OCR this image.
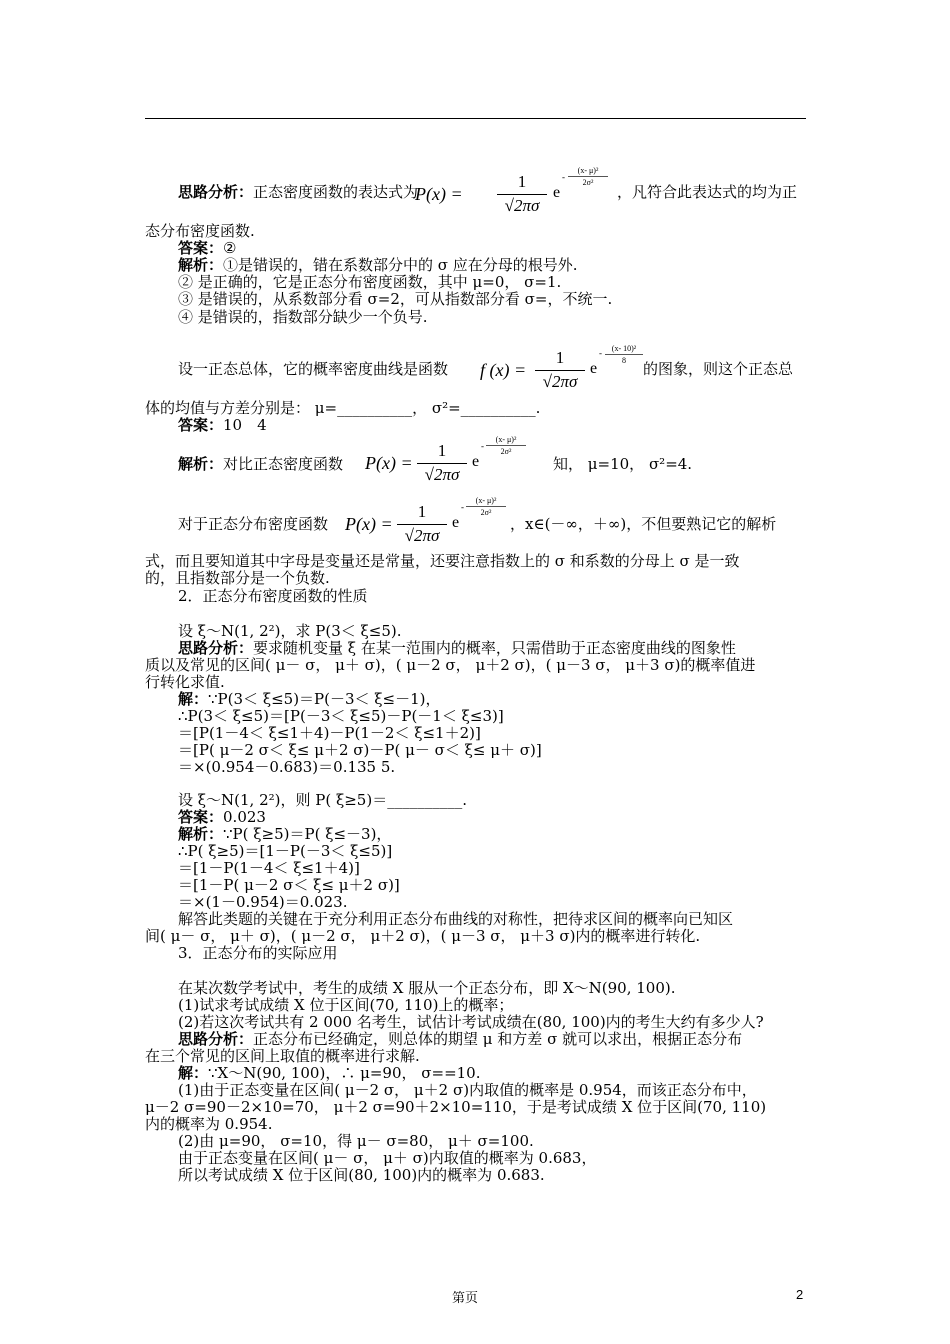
思路分析：正态密度函数的表达式为
P(x) =
1
√2πσ
e
-
(x- μ)²
2σ²
，凡符合此表达式的均为正
态分布密度函数.
答案：②
解析：①是错误的，错在系数部分中的 σ 应在分母的根号外.
② 是正确的，它是正态分布密度函数，其中 μ=0， σ=1.
③ 是错误的，从系数部分看 σ=2，可从指数部分看 σ=，不统一.
④ 是错误的，指数部分缺少一个负号.
设一正态总体，它的概率密度曲线是函数 f (x) =
1
√2πσ
e
-	(x- 10)²
8	的图象，则这个正态总
体的均值与方差分别是： μ=__________， σ²=__________.
答案：10　4
解析：对比正态密度函数 P(x) =
1
√2πσ
e
-
(x- μ)²
2σ²
知， μ=10， σ²=4.
对于正态分布密度函数 P(x) =
1
√2πσ
e
-
(x- μ)²
2σ²
，x∈(－∞，＋∞)，不但要熟记它的解析
式，而且要知道其中字母是变量还是常量，还要注意指数上的 σ 和系数的分母上 σ 是一致
的，且指数部分是一个负数.
2．正态分布密度函数的性质
设 ξ～N(1, 2²)，求 P(3＜ ξ≤5).
思路分析：要求随机变量 ξ 在某一范围内的概率，只需借助于正态密度曲线的图象性
质以及常见的区间( μ－ σ， μ＋ σ)，( μ－2 σ， μ＋2 σ)，( μ－3 σ， μ＋3 σ)的概率值进
行转化求值.
解：∵P(3＜ ξ≤5)＝P(－3＜ ξ≤－1)，
∴P(3＜ ξ≤5)＝[P(－3＜ ξ≤5)－P(－1＜ ξ≤3)]
＝[P(1－4＜ ξ≤1＋4)－P(1－2＜ ξ≤1＋2)]
＝[P( μ－2 σ＜ ξ≤ μ＋2 σ)－P( μ－ σ＜ ξ≤ μ＋ σ)]
＝×(0.954－0.683)＝0.135 5.
设 ξ～N(1, 2²)，则 P( ξ≥5)＝__________.
答案：0.023
解析：∵P( ξ≥5)＝P( ξ≤－3)，
∴P( ξ≥5)＝[1－P(－3＜ ξ≤5)]
＝[1－P(1－4＜ ξ≤1＋4)]
＝[1－P( μ－2 σ＜ ξ≤ μ＋2 σ)]
＝×(1－0.954)＝0.023.
解答此类题的关键在于充分利用正态分布曲线的对称性，把待求区间的概率向已知区
间( μ－ σ， μ＋ σ)，( μ－2 σ， μ＋2 σ)，( μ－3 σ， μ＋3 σ)内的概率进行转化.
3．正态分布的实际应用
在某次数学考试中，考生的成绩 X 服从一个正态分布，即 X～N(90, 100).
(1)试求考试成绩 X 位于区间(70, 110)上的概率；
(2)若这次考试共有 2 000 名考生，试估计考试成绩在(80, 100)内的考生大约有多少人?
思路分析：正态分布已经确定，则总体的期望 μ 和方差 σ 就可以求出，根据正态分布
在三个常见的区间上取值的概率进行求解.
解：∵X～N(90, 100)，∴ μ=90， σ==10.
(1)由于正态变量在区间( μ－2 σ， μ＋2 σ)内取值的概率是 0.954，而该正态分布中，
μ－2 σ=90－2×10=70， μ＋2 σ=90＋2×10=110，于是考试成绩 X 位于区间(70, 110)
内的概率为 0.954.
(2)由 μ=90， σ=10，得 μ－ σ=80， μ＋ σ=100.
由于正态变量在区间( μ－ σ， μ＋ σ)内取值的概率为 0.683，
所以考试成绩 X 位于区间(80, 100)内的概率为 0.683.
第页	2
